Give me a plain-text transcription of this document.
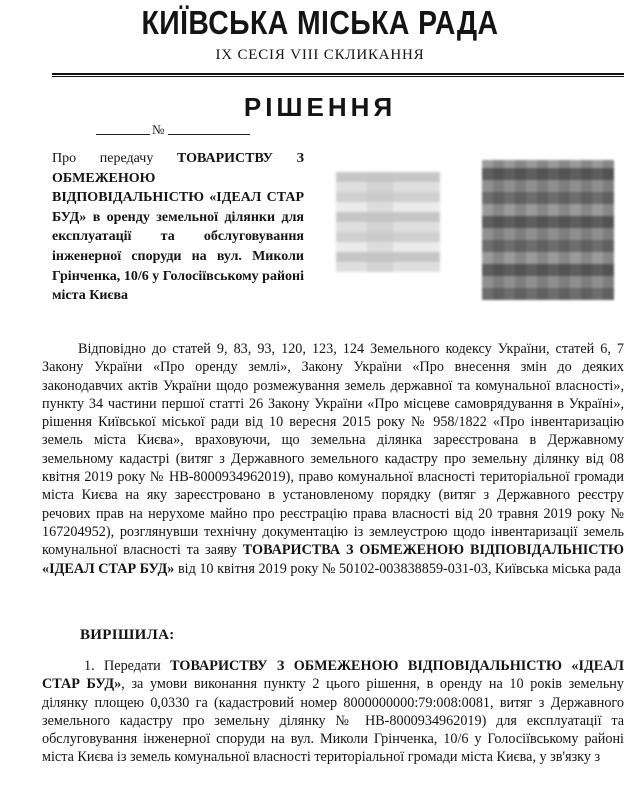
КИЇВСЬКА МІСЬКА РАДА
IX СЕСІЯ VIII СКЛИКАННЯ
РІШЕННЯ
№

Про передачу ТОВАРИСТВУ З ОБМЕЖЕНОЮ ВІДПОВІДАЛЬНІСТЮ «ІДЕАЛ СТАР БУД» в оренду земельної ділянки для експлуатації та обслуговування інженерної споруди на вул. Миколи Грінченка, 10/6 у Голосіївському районі міста Києва

Відповідно до статей 9, 83, 93, 120, 123, 124 Земельного кодексу України, статей 6, 7 Закону України «Про оренду землі», Закону України «Про внесення змін до деяких законодавчих актів України щодо розмежування земель державної та комунальної власності», пункту 34 частини першої статті 26 Закону України «Про місцеве самоврядування в Україні», рішення Київської міської ради від 10 вересня 2015 року № 958/1822 «Про інвентаризацію земель міста Києва», враховуючи, що земельна ділянка зареєстрована в Державному земельному кадастрі (витяг з Державного земельного кадастру про земельну ділянку від 08 квітня 2019 року № НВ-8000934962019), право комунальної власності територіальної громади міста Києва на яку зареєстровано в установленому порядку (витяг з Державного реєстру речових прав на нерухоме майно про реєстрацію права власності від 20 травня 2019 року № 167204952), розглянувши технічну документацію із землеустрою щодо інвентаризації земель комунальної власності та заяву ТОВАРИСТВА З ОБМЕЖЕНОЮ ВІДПОВІДАЛЬНІСТЮ «ІДЕАЛ СТАР БУД» від 10 квітня 2019 року № 50102-003838859-031-03, Київська міська рада

ВИРІШИЛА:

1. Передати ТОВАРИСТВУ З ОБМЕЖЕНОЮ ВІДПОВІДАЛЬНІСТЮ «ІДЕАЛ СТАР БУД», за умови виконання пункту 2 цього рішення, в оренду на 10 років земельну ділянку площею 0,0330 га (кадастровий номер 8000000000:79:008:0081, витяг з Державного земельного кадастру про земельну ділянку № НВ-8000934962019) для експлуатації та обслуговування інженерної споруди на вул. Миколи Грінченка, 10/6 у Голосіївському районі міста Києва із земель комунальної власності територіальної громади міста Києва, у зв'язку з
